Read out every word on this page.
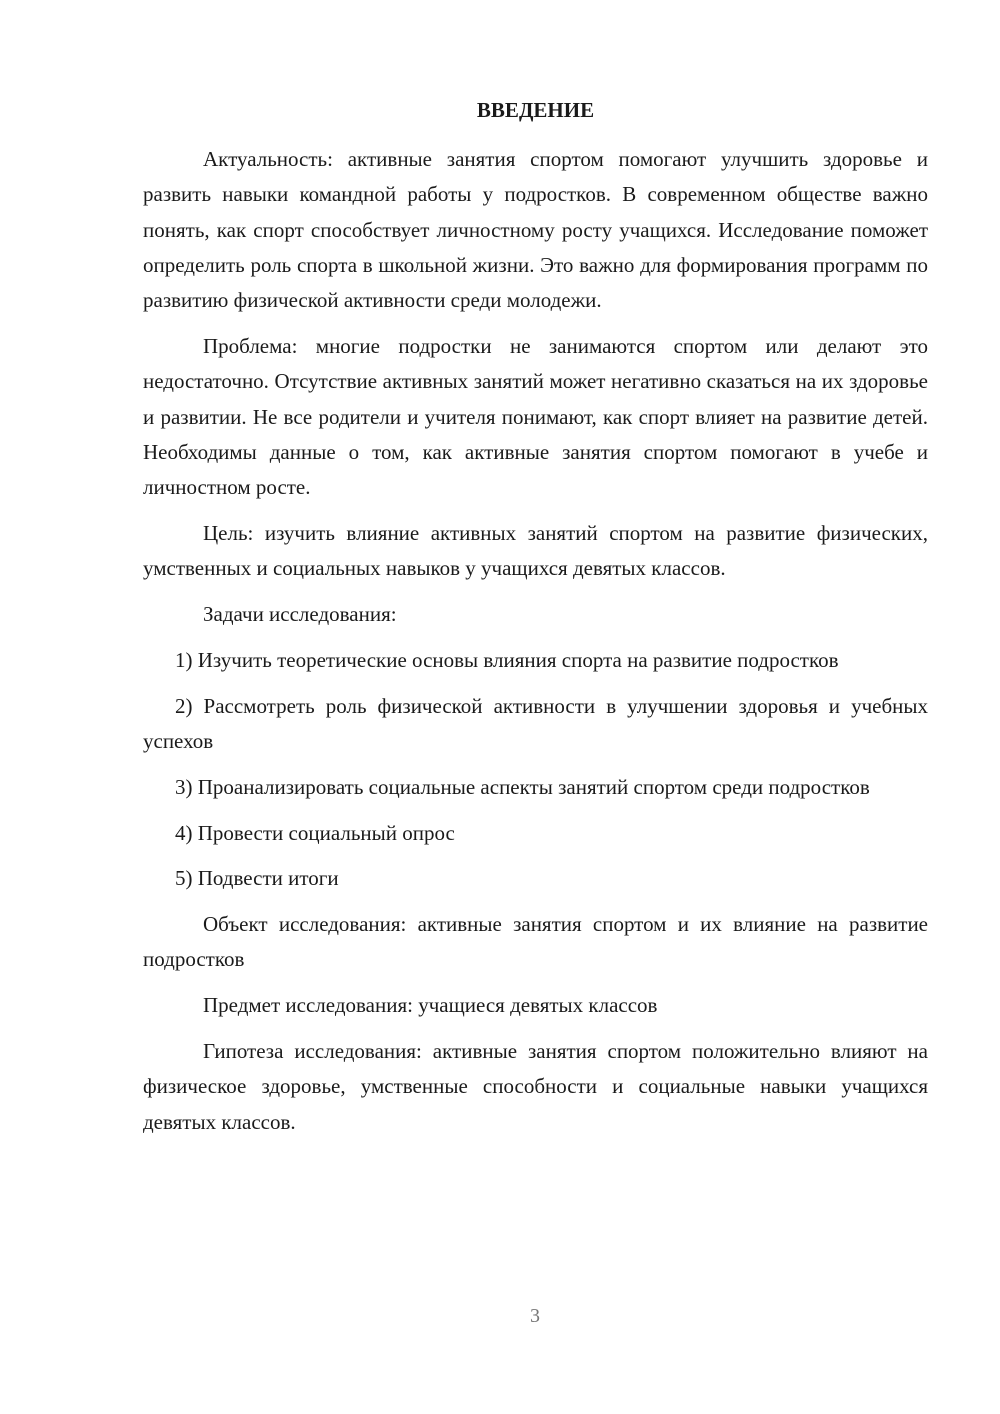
ВВЕДЕНИЕ

Актуальность: активные занятия спортом помогают улучшить здоровье и развить навыки командной работы у подростков. В современном обществе важно понять, как спорт способствует личностному росту учащихся. Исследование поможет определить роль спорта в школьной жизни. Это важно для формирования программ по развитию физической активности среди молодежи.

Проблема: многие подростки не занимаются спортом или делают это недостаточно. Отсутствие активных занятий может негативно сказаться на их здоровье и развитии. Не все родители и учителя понимают, как спорт влияет на развитие детей. Необходимы данные о том, как активные занятия спортом помогают в учебе и личностном росте.

Цель: изучить влияние активных занятий спортом на развитие физических, умственных и социальных навыков у учащихся девятых классов.

Задачи исследования:

1) Изучить теоретические основы влияния спорта на развитие подростков

2) Рассмотреть роль физической активности в улучшении здоровья и учебных успехов

3) Проанализировать социальные аспекты занятий спортом среди подростков

4) Провести социальный опрос

5) Подвести итоги

Объект исследования: активные занятия спортом и их влияние на развитие подростков

Предмет исследования: учащиеся девятых классов

Гипотеза исследования: активные занятия спортом положительно влияют на физическое здоровье, умственные способности и социальные навыки учащихся девятых классов.

3
